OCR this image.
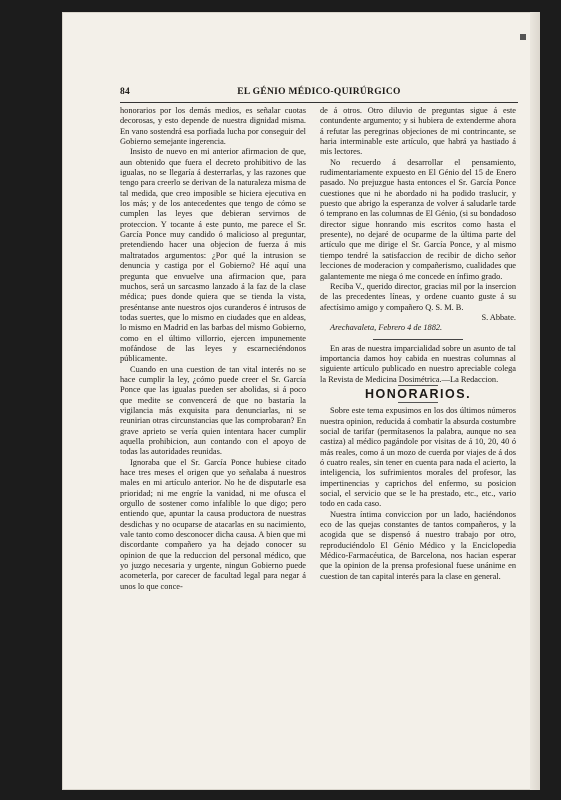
84	EL GÉNIO MÉDICO-QUIRÚRGICO

honorarios por los demás medios, es señalar cuotas decorosas, y esto depende de nuestra dignidad misma. En vano sostendrá esa porfiada lucha por conseguir del Gobierno semejante ingerencia.

Insisto de nuevo en mi anterior afirmacion de que, aun obtenido que fuera el decreto prohibitivo de las igualas, no se llegaría á desterrarlas, y las razones que tengo para creerlo se derivan de la naturaleza misma de tal medida, que creo imposible se hiciera ejecutiva en los más; y de los antecedentes que tengo de cómo se cumplen las leyes que debieran servirnos de proteccion. Y tocante á este punto, me parece el Sr. García Ponce muy candido ó malicioso al preguntar, pretendiendo hacer una objecion de fuerza á mis maltratados argumentos: ¿Por qué la intrusion se denuncia y castiga por el Gobierno? Hé aquí una pregunta que envuelve una afirmacion que, para muchos, será un sarcasmo lanzado á la faz de la clase médica; pues donde quiera que se tienda la vista, preséntanse ante nuestros ojos curanderos é intrusos de todas suertes, que lo mismo en ciudades que en aldeas, lo mismo en Madrid en las barbas del mismo Gobierno, como en el último villorrio, ejercen impunemente mofándose de las leyes y escarneciéndonos públicamente.

Cuando en una cuestion de tan vital interés no se hace cumplir la ley, ¿cómo puede creer el Sr. García Ponce que las igualas pueden ser abolidas, si á poco que medite se convencerá de que no bastaría la vigilancia más exquisita para denunciarlas, ni se reunirian otras circunstancias que las comprobaran? En grave aprieto se vería quien intentara hacer cumplir aquella prohibicion, aun contando con el apoyo de todas las autoridades reunidas.

Ignoraba que el Sr. García Ponce hubiese citado hace tres meses el origen que yo señalaba á nuestros males en mi artículo anterior. No he de disputarle esa prioridad; ni me engríe la vanidad, ni me ofusca el orgullo de sostener como infalible lo que digo; pero entiendo que, apuntar la causa productora de nuestras desdichas y no ocuparse de atacarlas en su nacimiento, vale tanto como desconocer dicha causa. A bien que mi discordante compañero ya ha dejado conocer su opinion de que la reduccion del personal médico, que yo juzgo necesaria y urgente, ningun Gobierno puede acometerla, por carecer de facultad legal para negar á unos lo que conce-

de á otros. Otro diluvio de preguntas sigue á este contundente argumento; y si hubiera de extenderme ahora á refutar las peregrinas objeciones de mi contrincante, se haria interminable este artículo, que habrá ya hastiado á mis lectores.

No recuerdo á desarrollar el pensamiento, rudimentariamente expuesto en El Génio del 15 de Enero pasado. No prejuzgue hasta entonces el Sr. García Ponce cuestiones que ni he abordado ni ha podido traslucir, y puesto que abrigo la esperanza de volver á saludarle tarde ó temprano en las columnas de El Génio, (si su bondadoso director sigue honrando mis escritos como hasta el presente), no dejaré de ocuparme de la última parte del artículo que me dirige el Sr. García Ponce, y al mismo tiempo tendré la satisfaccion de recibir de dicho señor lecciones de moderacion y compañerismo, cualidades que galantemente me niega ó me concede en ínfimo grado.

Reciba V., querido director, gracias mil por la insercion de las precedentes líneas, y ordene cuanto guste á su afectísimo amigo y compañero Q. S. M. B.

S. Abbate.

Arechavaleta, Febrero 4 de 1882.

En aras de nuestra imparcialidad sobre un asunto de tal importancia damos hoy cabida en nuestras columnas al siguiente artículo publicado en nuestro apreciable colega la Revista de Medicina Dosimétrica.—La Redaccion.

HONORARIOS.

Sobre este tema expusimos en los dos últimos números nuestra opinion, reducida á combatir la absurda costumbre social de tarifar (permítasenos la palabra, aunque no sea castiza) al médico pagándole por visitas de á 10, 20, 40 ó más reales, como á un mozo de cuerda por viajes de á dos ó cuatro reales, sin tener en cuenta para nada el acierto, la inteligencia, los sufrimientos morales del profesor, las impertinencias y caprichos del enfermo, su posicion social, el servicio que se le ha prestado, etc., etc., vario todo en cada caso.

Nuestra íntima conviccion por un lado, haciéndonos eco de las quejas constantes de tantos compañeros, y la acogida que se dispensó á nuestro trabajo por otro, reproduciéndolo El Génio Médico y la Enciclopedia Médico-Farmacéutica, de Barcelona, nos hacian esperar que la opinion de la prensa profesional fuese unánime en cuestion de tan capital interés para la clase en general.
